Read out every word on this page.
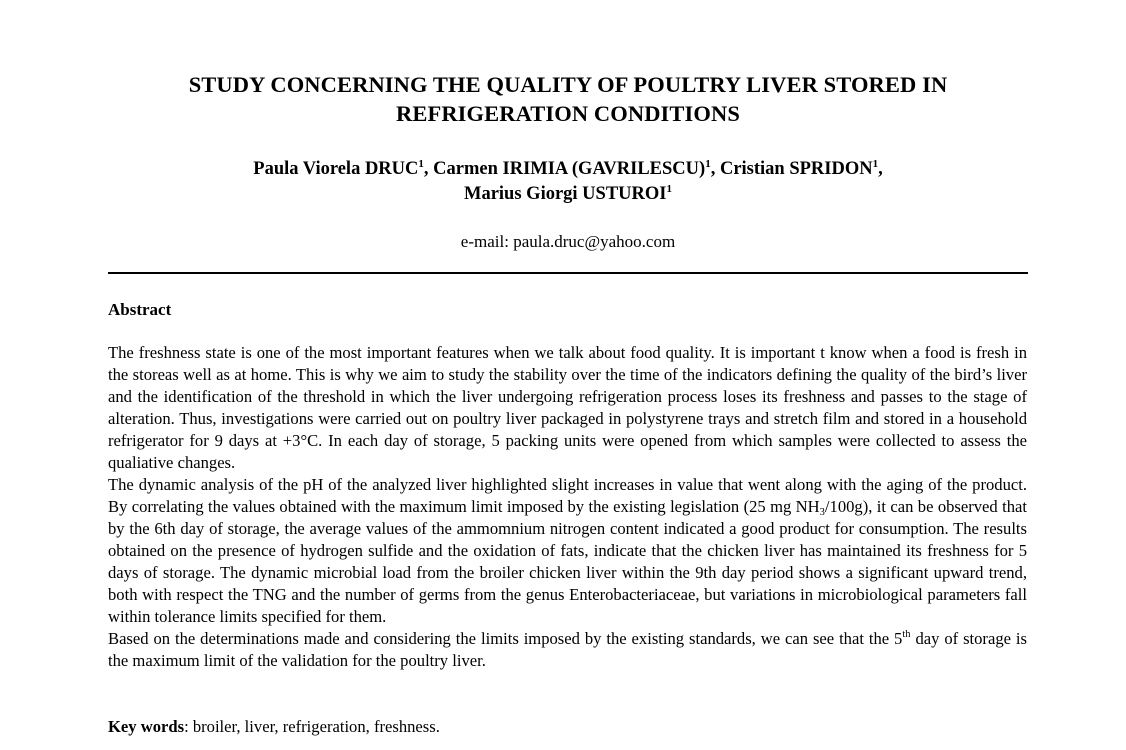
STUDY CONCERNING THE QUALITY OF POULTRY LIVER STORED IN
REFRIGERATION CONDITIONS
Paula Viorela DRUC$^1$, Carmen IRIMIA (GAVRILESCU)$^1$, Cristian SPRIDON$^1$,
Marius Giorgi USTUROI$^1$
e-mail: paula.druc@yahoo.com
Abstract

The freshness state is one of the most important features when we talk about food quality. It is important t know when a food is fresh in the storeas well as at home. This is why we aim to study the stability over the time of the indicators defining the quality of the bird’s liver and the identification of the threshold in which the liver undergoing refrigeration process loses its freshness and passes to the stage of alteration. Thus, investigations were carried out on poultry liver packaged in polystyrene trays and stretch film and stored in a household refrigerator for 9 days at +3°C. In each day of storage, 5 packing units were opened from which samples were collected to assess the qualiative changes.

The dynamic analysis of the pH of the analyzed liver highlighted slight increases in value that went along with the aging of the product. By correlating the values obtained with the maximum limit imposed by the existing legislation (25 mg $NH_3/100g$), it can be observed that by the 6th day of storage, the average values of the ammomnium nitrogen content indicated a good product for consumption. The results obtained on the presence of hydrogen sulfide and the oxidation of fats, indicate that the chicken liver has maintained its freshness for 5 days of storage. The dynamic microbial load from the broiler chicken liver within the 9th day period shows a significant upward trend, both with respect the TNG and the number of germs from the genus Enterobacteriaceae, but variations in microbiological parameters fall within tolerance limits specified for them.

Based on the determinations made and considering the limits imposed by the existing standards, we can see that the 5th day of storage is the maximum limit of the validation for the poultry liver.

Key words: broiler, liver, refrigeration, freshness.
